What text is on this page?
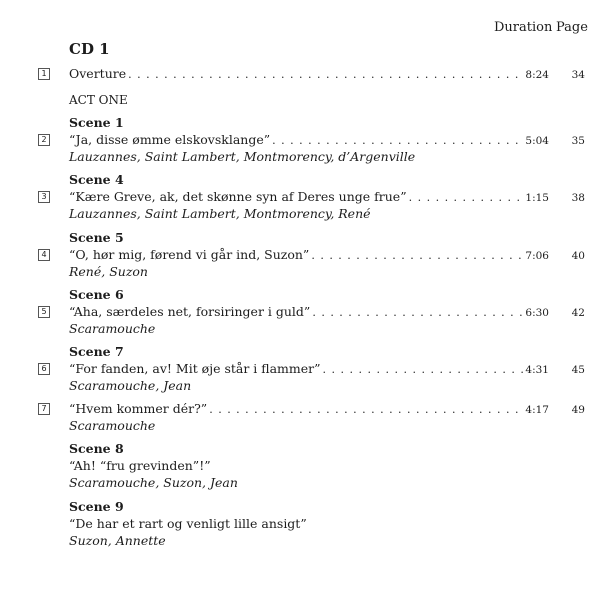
Duration Page
CD 1
1 Overture . . .	8:24	34
ACT ONE
Scene 1
2 “Ja, disse ømme elskovsklange” . . .	5:04	35
Lauzannes, Saint Lambert, Montmorency, d’Argenville
Scene 4
3 “Kære Greve, ak, det skønne syn af Deres unge frue” . . .	1:15	38
Lauzannes, Saint Lambert, Montmorency, René
Scene 5
4 “O, hør mig, førend vi går ind, Suzon” . . .	7:06	40
René, Suzon
Scene 6
5 “Aha, særdeles net, forsiringer i guld” . . .	6:30	42
Scaramouche
Scene 7
6 “For fanden, av! Mit øje står i flammer” . . .	4:31	45
Scaramouche, Jean
7 “Hvem kommer dér?” . . .	4:17	49
Scaramouche
Scene 8
“Ah! “fru grevinden”!”
Scaramouche, Suzon, Jean
Scene 9
“De har et rart og venligt lille ansigt”
Suzon, Annette
